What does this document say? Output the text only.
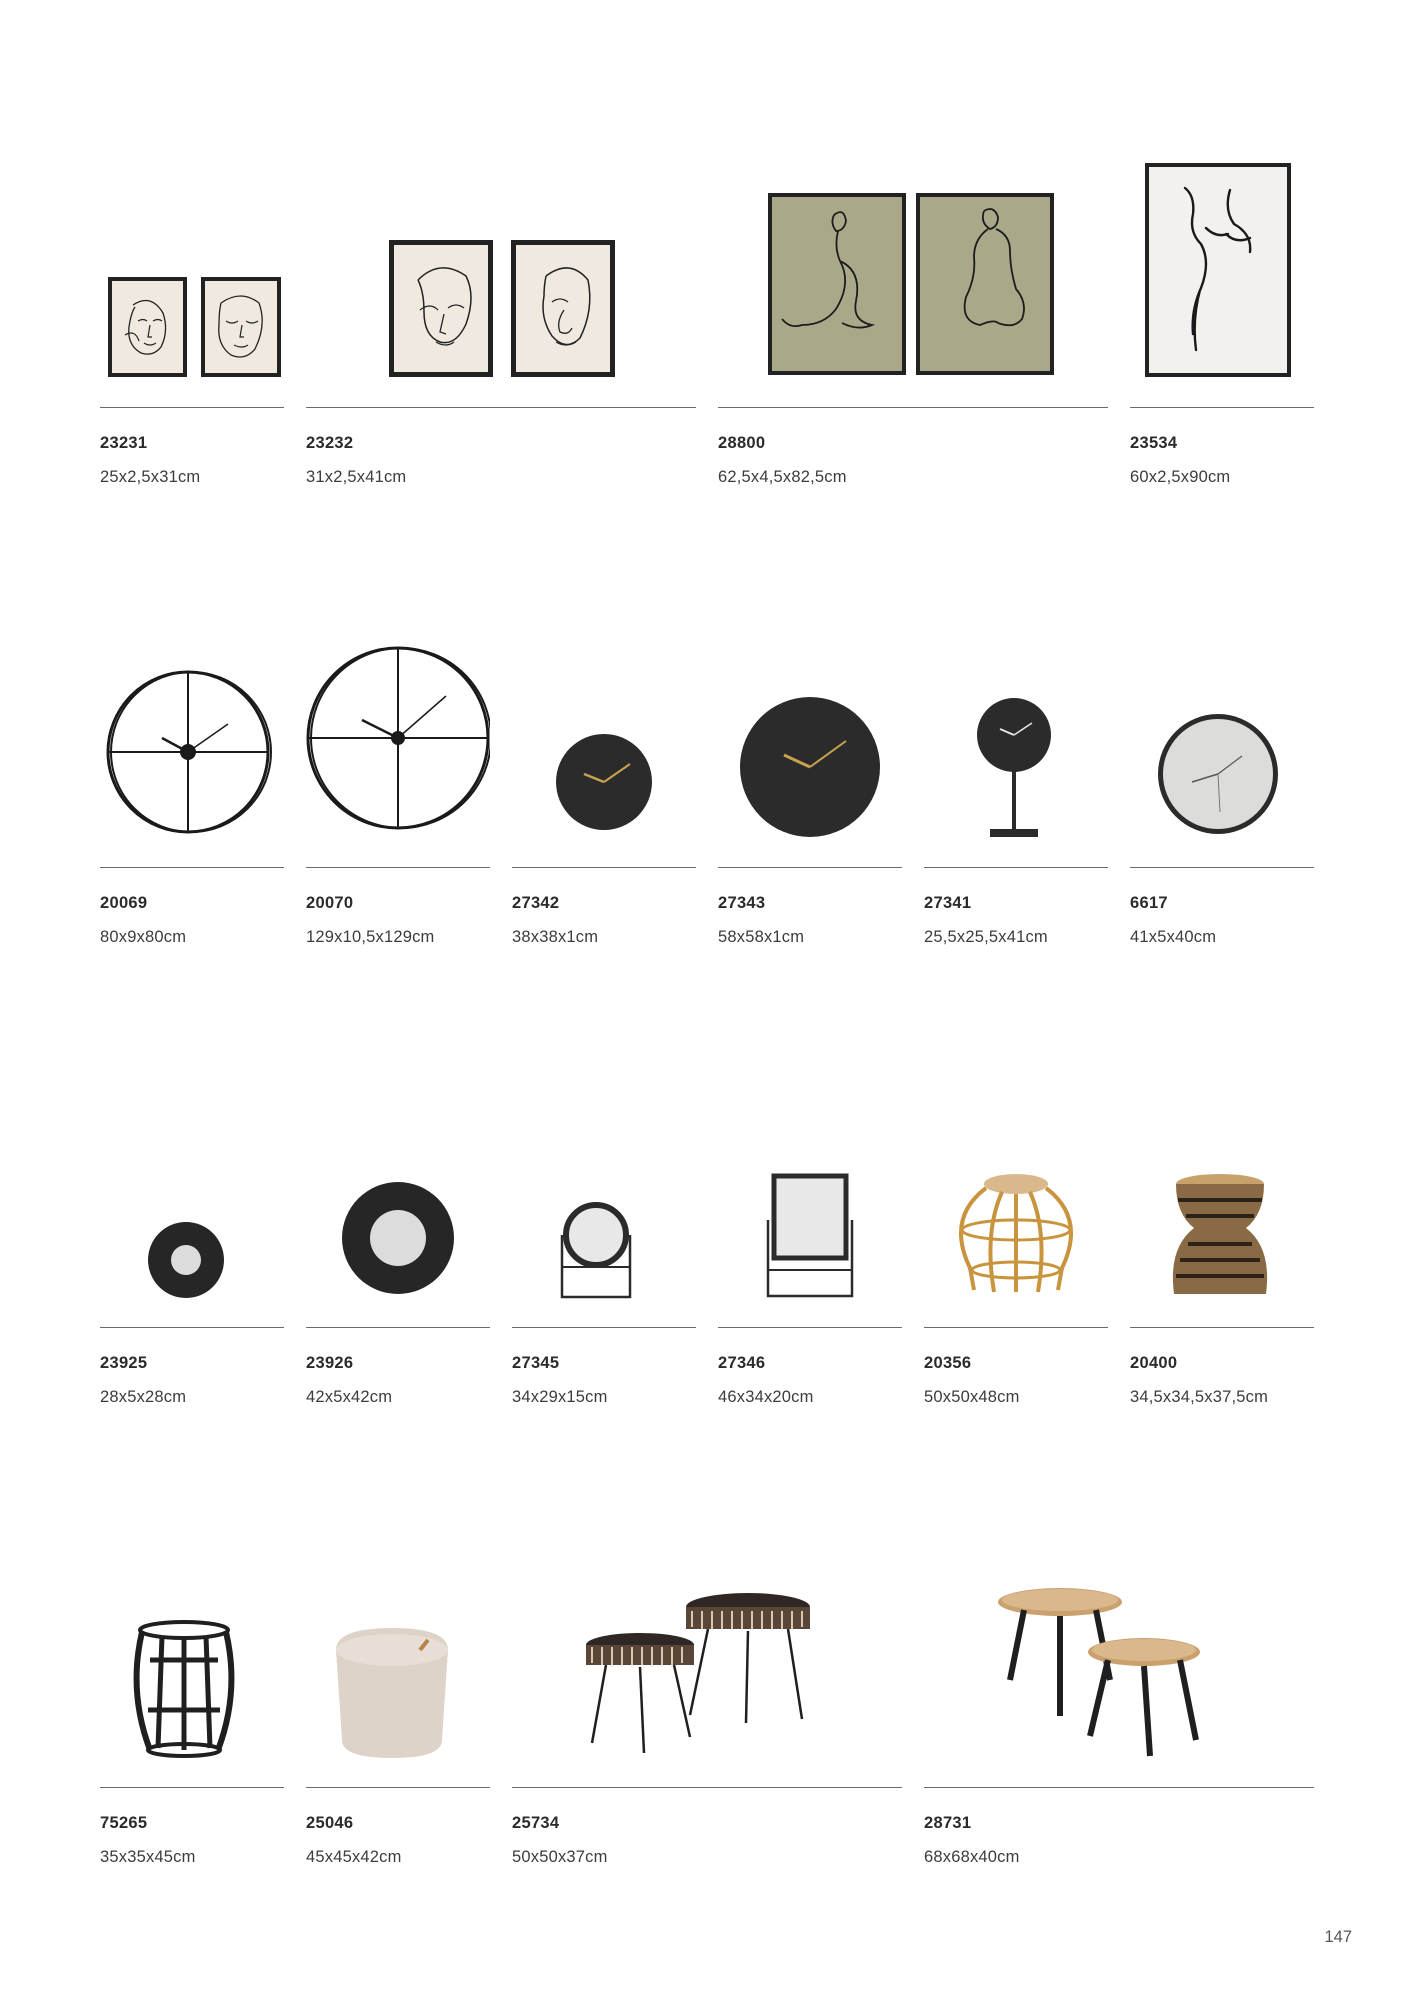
23231
25x2,5x31cm
23232
31x2,5x41cm
28800
62,5x4,5x82,5cm
23534
60x2,5x90cm
20069
80x9x80cm
20070
129x10,5x129cm
27342
38x38x1cm
27343
58x58x1cm
27341
25,5x25,5x41cm
6617
41x5x40cm
23925
28x5x28cm
23926
42x5x42cm
27345
34x29x15cm
27346
46x34x20cm
20356
50x50x48cm
20400
34,5x34,5x37,5cm
75265
35x35x45cm
25046
45x45x42cm
25734
50x50x37cm
28731
68x68x40cm
147
